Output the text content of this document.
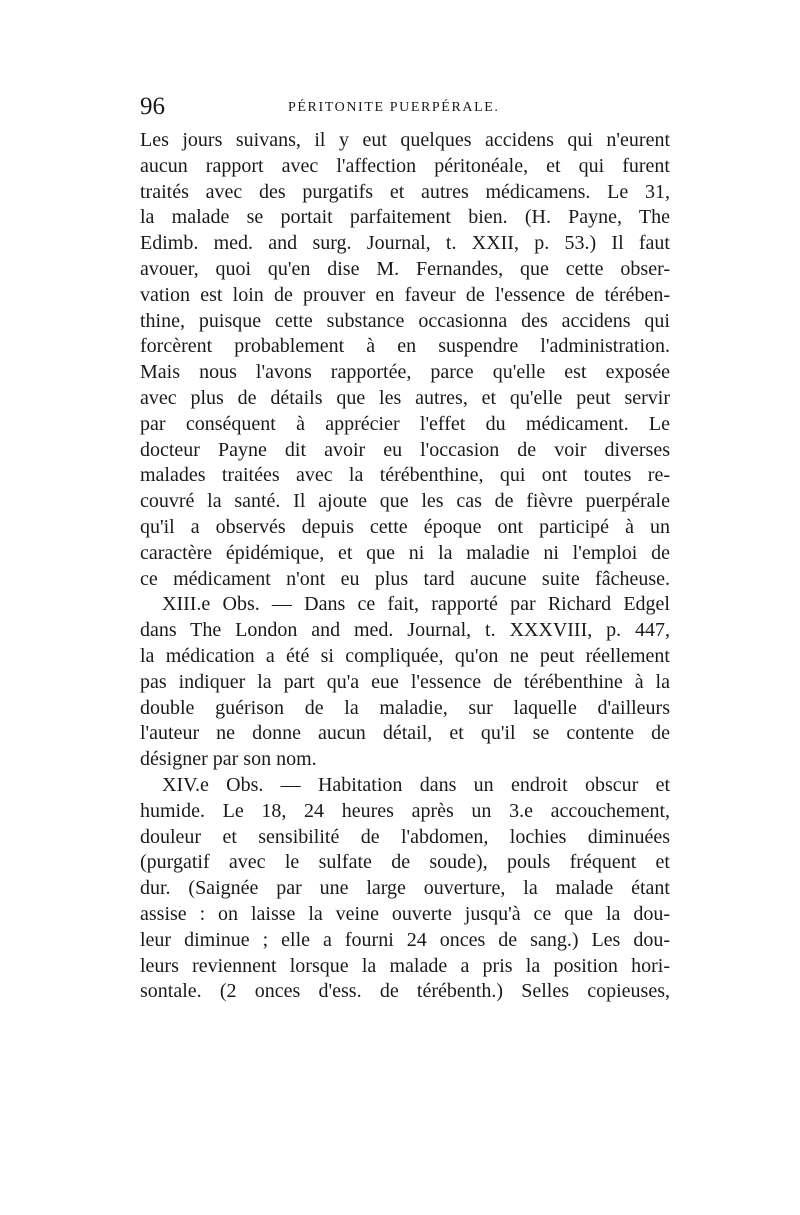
96	PÉRITONITE PUERPÉRALE.
Les jours suivans, il y eut quelques accidens qui n'eurent
aucun rapport avec l'affection péritonéale, et qui furent
traités avec des purgatifs et autres médicamens. Le 31,
la malade se portait parfaitement bien. (H. Payne, The
Edimb. med. and surg. Journal, t. XXII, p. 53.) Il faut
avouer, quoi qu'en dise M. Fernandes, que cette obser-
vation est loin de prouver en faveur de l'essence de térében-
thine, puisque cette substance occasionna des accidens qui
forcèrent probablement à en suspendre l'administration.
Mais nous l'avons rapportée, parce qu'elle est exposée
avec plus de détails que les autres, et qu'elle peut servir
par conséquent à apprécier l'effet du médicament. Le
docteur Payne dit avoir eu l'occasion de voir diverses
malades traitées avec la térébenthine, qui ont toutes re-
couvré la santé. Il ajoute que les cas de fièvre puerpérale
qu'il a observés depuis cette époque ont participé à un
caractère épidémique, et que ni la maladie ni l'emploi de
ce médicament n'ont eu plus tard aucune suite fâcheuse.
XIII.e Obs. — Dans ce fait, rapporté par Richard Edgel
dans The London and med. Journal, t. XXXVIII, p. 447,
la médication a été si compliquée, qu'on ne peut réellement
pas indiquer la part qu'a eue l'essence de térébenthine à la
double guérison de la maladie, sur laquelle d'ailleurs
l'auteur ne donne aucun détail, et qu'il se contente de
désigner par son nom.
XIV.e Obs. — Habitation dans un endroit obscur et
humide. Le 18, 24 heures après un 3.e accouchement,
douleur et sensibilité de l'abdomen, lochies diminuées
(purgatif avec le sulfate de soude), pouls fréquent et
dur. (Saignée par une large ouverture, la malade étant
assise : on laisse la veine ouverte jusqu'à ce que la dou-
leur diminue ; elle a fourni 24 onces de sang.) Les dou-
leurs reviennent lorsque la malade a pris la position hori-
sontale. (2 onces d'ess. de térébenth.) Selles copieuses,
